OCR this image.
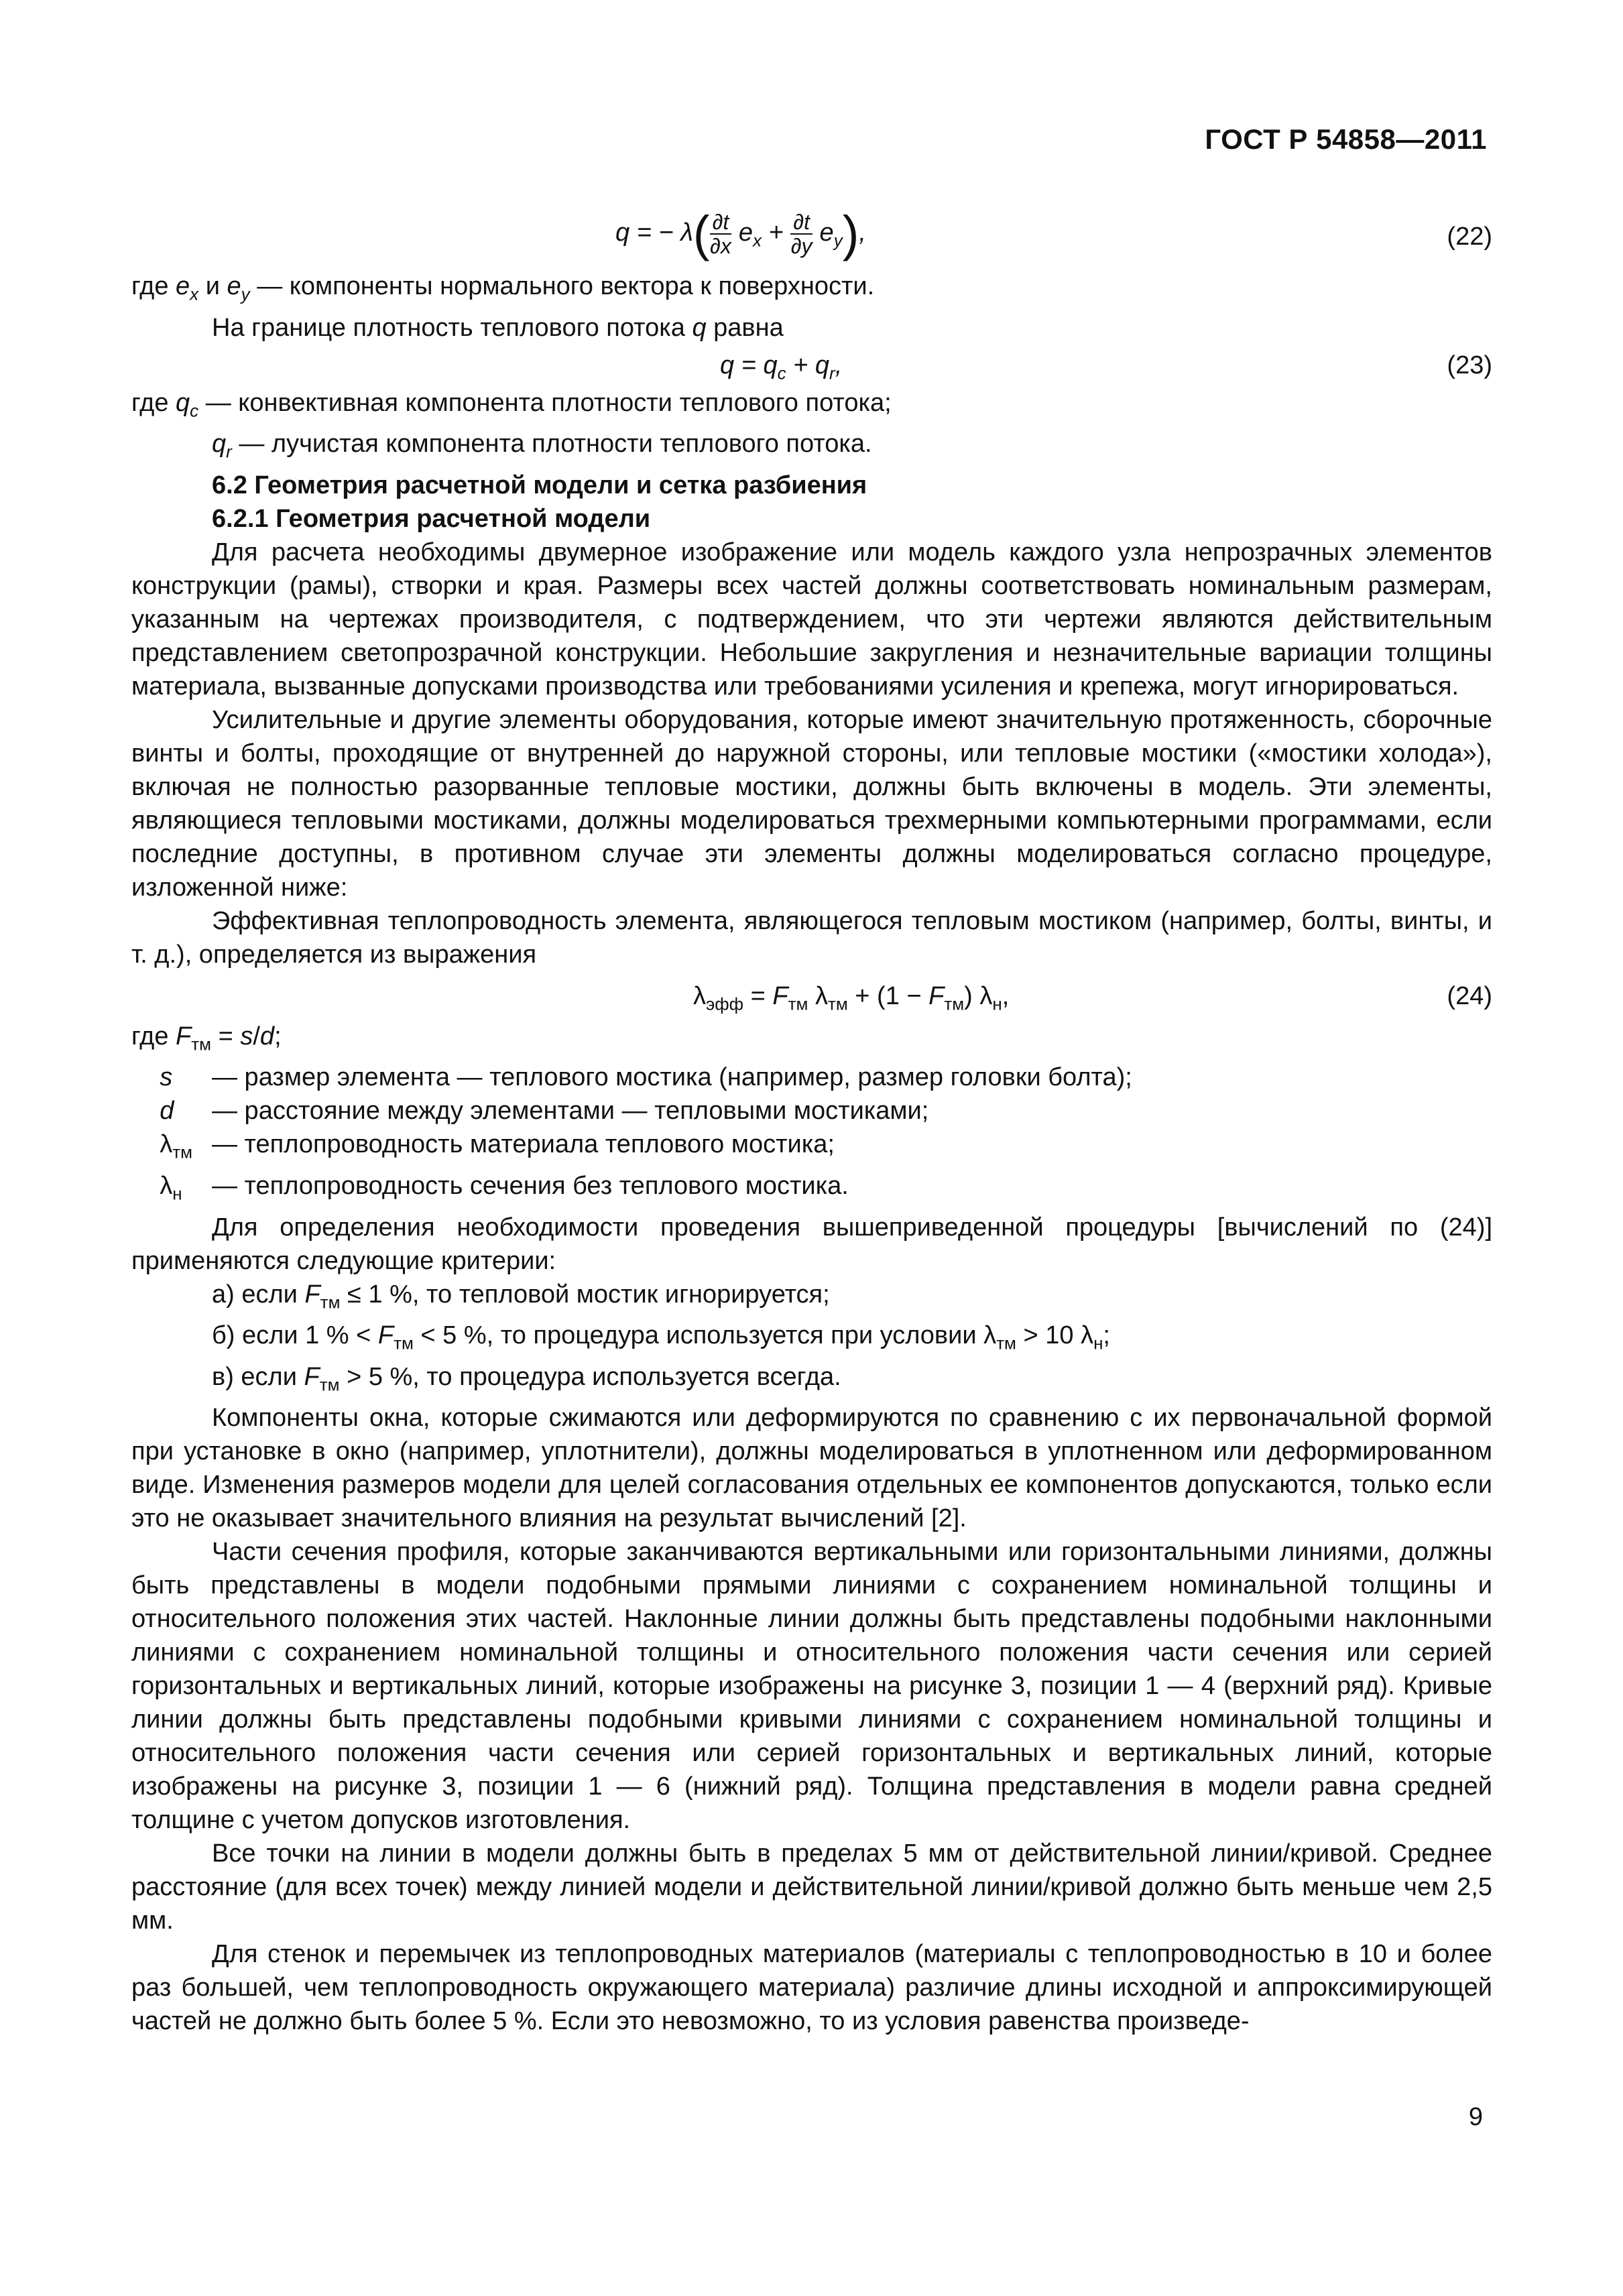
ГОСТ Р 54858—2011
q = − $\lambda( \frac{\partial t}{\partial x} e_x + \frac{\partial t}{\partial y} e_y)$,	(22)

где $e_x$ и $e_y$ — компоненты нормального вектора к поверхности.

На границе плотность теплового потока q равна

$q = q_c + q_r$,	(23)

где $q_c$ — конвективная компонента плотности теплового потока;

$q_r$ — лучистая компонента плотности теплового потока.

6.2 Геометрия расчетной модели и сетка разбиения

6.2.1 Геометрия расчетной модели

Для расчета необходимы двумерное изображение или модель каждого узла непрозрачных элементов конструкции (рамы), створки и края. Размеры всех частей должны соответствовать номинальным размерам, указанным на чертежах производителя, с подтверждением, что эти чертежи являются действительным представлением светопрозрачной конструкции. Небольшие закругления и незначительные вариации толщины материала, вызванные допусками производства или требованиями усиления и крепежа, могут игнорироваться.

Усилительные и другие элементы оборудования, которые имеют значительную протяженность, сборочные винты и болты, проходящие от внутренней до наружной стороны, или тепловые мостики («мостики холода»), включая не полностью разорванные тепловые мостики, должны быть включены в модель. Эти элементы, являющиеся тепловыми мостиками, должны моделироваться трехмерными компьютерными программами, если последние доступны, в противном случае эти элементы должны моделироваться согласно процедуре, изложенной ниже:

Эффективная теплопроводность элемента, являющегося тепловым мостиком (например, болты, винты, и т. д.), определяется из выражения

$\lambda_{эфф} = F_{тм}$ $\lambda_{тм} + (1 - F_{тм})$ $\lambda_н$,	(24)

где $F_{тм} = s/d$;

s	— размер элемента — теплового мостика (например, размер головки болта);
d	— расстояние между элементами — тепловыми мостиками;
$\lambda_{тм}$ — теплопроводность материала теплового мостика;
$\lambda_н$	— теплопроводность сечения без теплового мостика.

Для определения необходимости проведения вышеприведенной процедуры [вычислений по (24)] применяются следующие критерии:

а) если $F_{тм} \le 1$ %, то тепловой мостик игнорируется;

б) если 1 % < $F_{тм} < 5$ %, то процедура используется при условии $\lambda_{тм} > 10$ $\lambda_н$;

в) если $F_{тм} > 5$ %, то процедура используется всегда.

Компоненты окна, которые сжимаются или деформируются по сравнению с их первоначальной формой при установке в окно (например, уплотнители), должны моделироваться в уплотненном или деформированном виде. Изменения размеров модели для целей согласования отдельных ее компонентов допускаются, только если это не оказывает значительного влияния на результат вычислений [2].

Части сечения профиля, которые заканчиваются вертикальными или горизонтальными линиями, должны быть представлены в модели подобными прямыми линиями с сохранением номинальной толщины и относительного положения этих частей. Наклонные линии должны быть представлены подобными наклонными линиями с сохранением номинальной толщины и относительного положения части сечения или серией горизонтальных и вертикальных линий, которые изображены на рисунке 3, позиции 1 — 4 (верхний ряд). Кривые линии должны быть представлены подобными кривыми линиями с сохранением номинальной толщины и относительного положения части сечения или серией горизонтальных и вертикальных линий, которые изображены на рисунке 3, позиции 1 — 6 (нижний ряд). Толщина представления в модели равна средней толщине с учетом допусков изготовления.

Все точки на линии в модели должны быть в пределах 5 мм от действительной линии/кривой. Среднее расстояние (для всех точек) между линией модели и действительной линии/кривой должно быть меньше чем 2,5 мм.

Для стенок и перемычек из теплопроводных материалов (материалы с теплопроводностью в 10 и более раз большей, чем теплопроводность окружающего материала) различие длины исходной и аппроксимирующей частей не должно быть более 5 %. Если это невозможно, то из условия равенства произведе-

9
